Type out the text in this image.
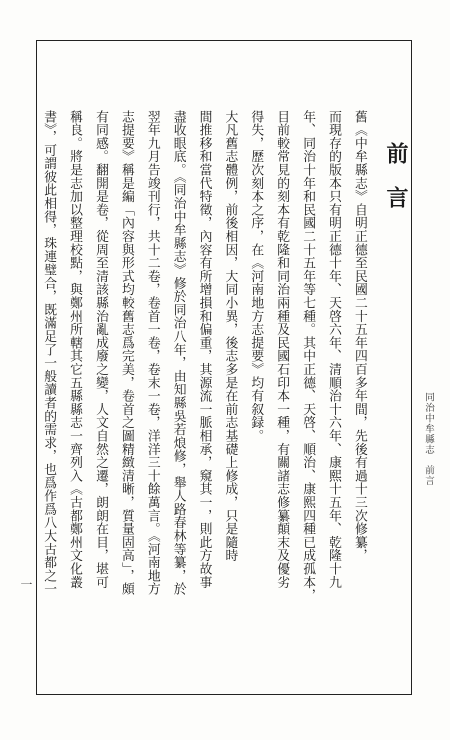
同治中牟縣志前言
前言
舊《中牟縣志》自明正德至民國二十五年四百多年間，先後有過十三次修纂，
而現存的版本只有明正德十年、天啓六年、清順治十六年、康熙十五年、乾隆十九
年、同治十年和民國二十五年等七種。其中正德、天啓、順治、康熙四種已成孤本，
目前較常見的刻本有乾隆和同治兩種及民國石印本一種，有關諸志修纂顛末及優劣
得失，歷次刻本之序，在《河南地方志提要》均有叙録。
大凡舊志體例，前後相因，大同小異，後志多是在前志基礎上修成，只是隨時
間推移和當代特徵，內容有所增損和偏重，其源流一脈相承，窺其一，則此方故事
盡收眼底。《同治中牟縣志》修於同治八年，由知縣吳若烺修，舉人路春林等纂，於
翌年九月告竣刊行，共十二卷，卷首一卷，卷末一卷，洋洋三十餘萬言。《河南地方
志提要》稱是編「內容與形式均較舊志爲完美，卷首之圖精緻清晰，質量固高」，頗
有同感。翻開是卷，從周至清該縣治亂成廢之變，人文自然之遷，朗朗在目，堪可
稱良。將是志加以整理校點，與鄭州所轄其它五縣縣志一齊列入《古都鄭州文化叢
書》，可謂彼此相得，珠連璧合，既滿足了一般讀者的需求，也爲作爲八大古都之一
一
